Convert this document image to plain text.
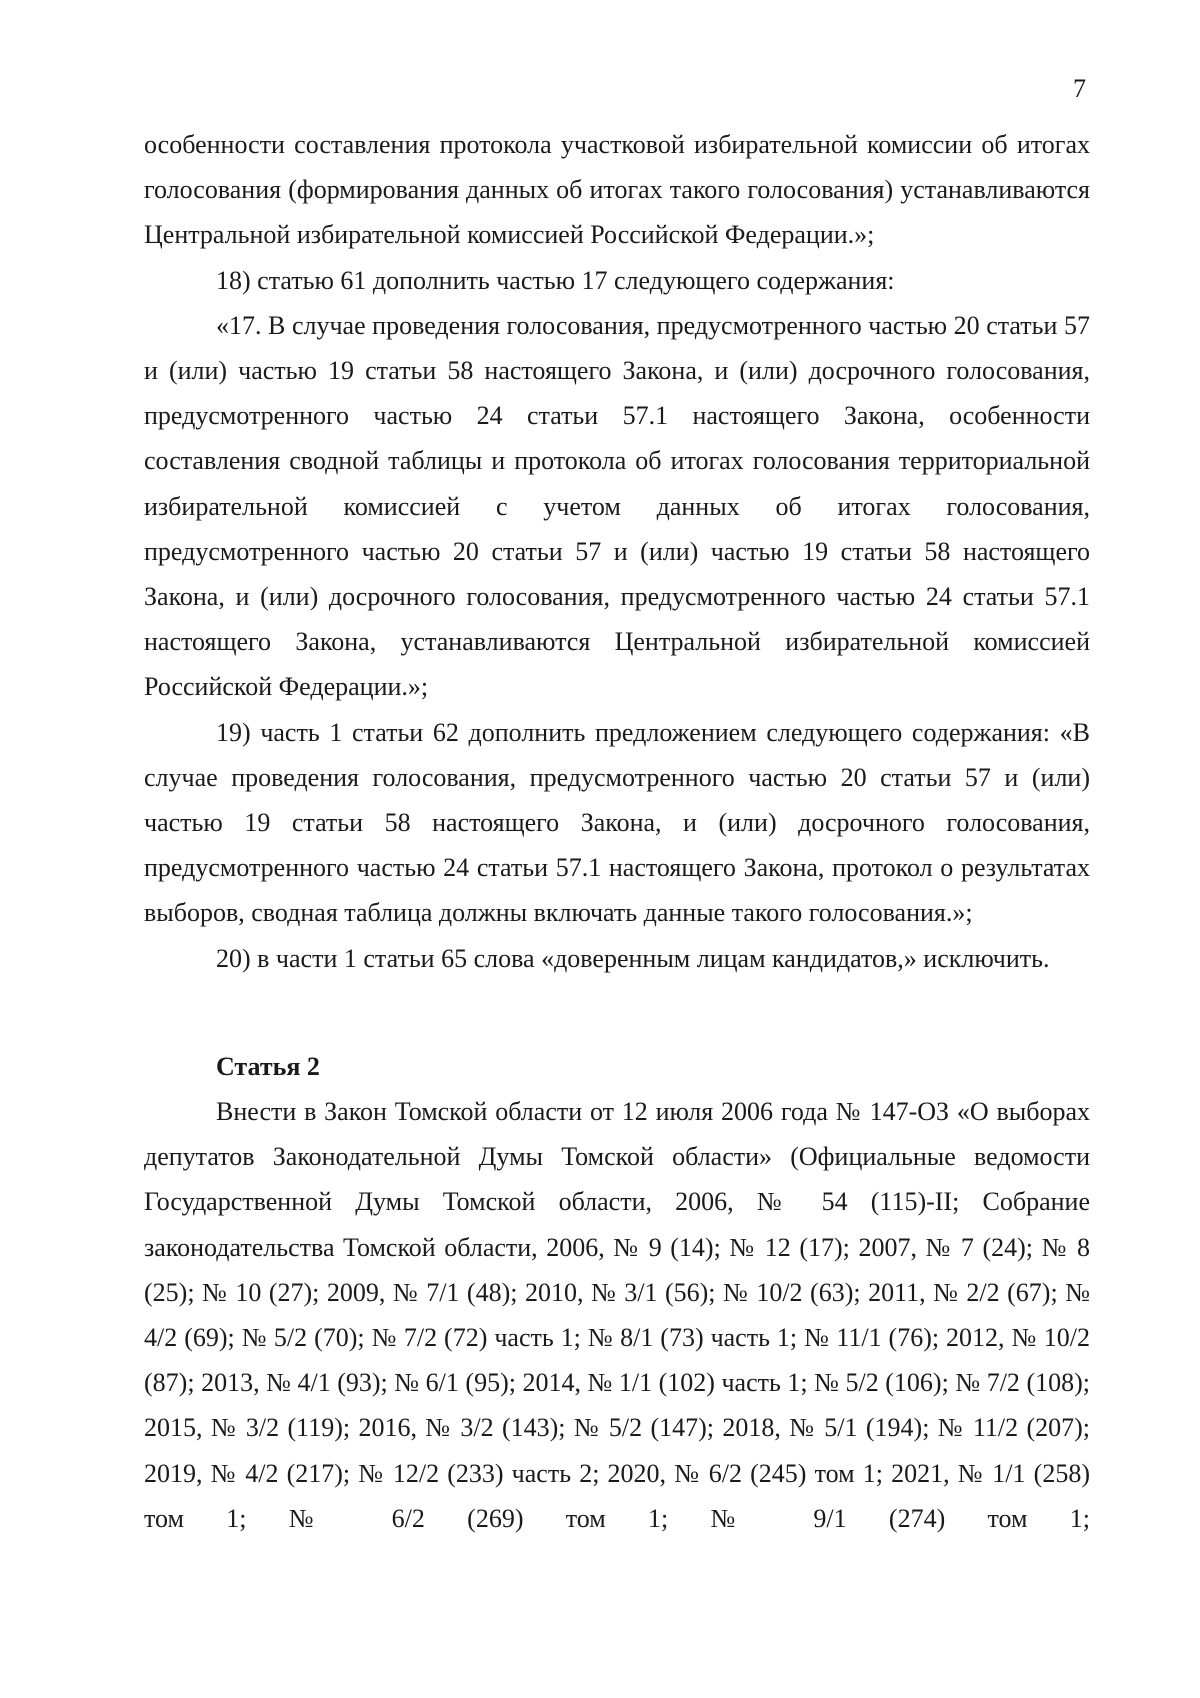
7

особенности составления протокола участковой избирательной комиссии об итогах голосования (формирования данных об итогах такого голосования) устанавливаются Центральной избирательной комиссией Российской Федерации.»;

18) статью 61 дополнить частью 17 следующего содержания:

«17. В случае проведения голосования, предусмотренного частью 20 статьи 57 и (или) частью 19 статьи 58 настоящего Закона, и (или) досрочного голосования, предусмотренного частью 24 статьи 57.1 настоящего Закона, особенности составления сводной таблицы и протокола об итогах голосования территориальной избирательной комиссией с учетом данных об итогах голосования, предусмотренного частью 20 статьи 57 и (или) частью 19 статьи 58 настоящего Закона, и (или) досрочного голосования, предусмотренного частью 24 статьи 57.1 настоящего Закона, устанавливаются Центральной избирательной комиссией Российской Федерации.»;

19) часть 1 статьи 62 дополнить предложением следующего содержания: «В случае проведения голосования, предусмотренного частью 20 статьи 57 и (или) частью 19 статьи 58 настоящего Закона, и (или) досрочного голосования, предусмотренного частью 24 статьи 57.1 настоящего Закона, протокол о результатах выборов, сводная таблица должны включать данные такого голосования.»;

20) в части 1 статьи 65 слова «доверенным лицам кандидатов,» исключить.

Статья 2

Внести в Закон Томской области от 12 июля 2006 года № 147-ОЗ «О выборах депутатов Законодательной Думы Томской области» (Официальные ведомости Государственной Думы Томской области, 2006, № 54 (115)-II; Собрание законодательства Томской области, 2006, № 9 (14); № 12 (17); 2007, № 7 (24); № 8 (25); № 10 (27); 2009, № 7/1 (48); 2010, № 3/1 (56); № 10/2 (63); 2011, № 2/2 (67); № 4/2 (69); № 5/2 (70); № 7/2 (72) часть 1; № 8/1 (73) часть 1; № 11/1 (76); 2012, № 10/2 (87); 2013, № 4/1 (93); № 6/1 (95); 2014, № 1/1 (102) часть 1; № 5/2 (106); № 7/2 (108); 2015, № 3/2 (119); 2016, № 3/2 (143); № 5/2 (147); 2018, № 5/1 (194); № 11/2 (207); 2019, № 4/2 (217); № 12/2 (233) часть 2; 2020, № 6/2 (245) том 1; 2021, № 1/1 (258) том 1; № 6/2 (269) том 1; № 9/1 (274) том 1;
